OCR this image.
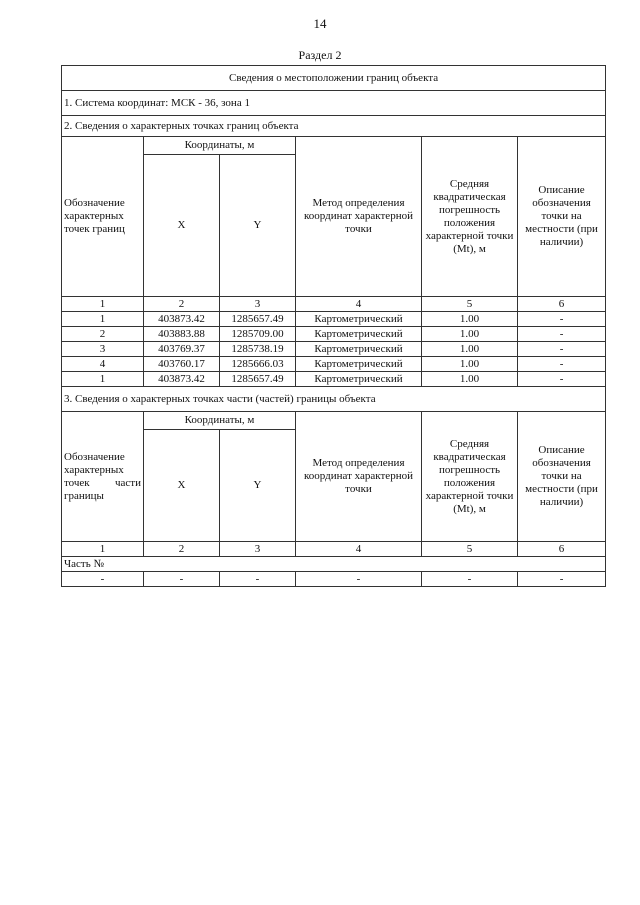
14
Раздел 2
Сведения о местоположении границ объекта					
1. Система координат: МСК - 36, зона 1					
2. Сведения о характерных точках границ объекта					
Обозначение характерных точек границ	Координаты, м		Метод определения координат характерной точки	Средняя квадратическая погрешность положения характерной точки (Mt), м	Описание обозначения точки на местности (при наличии)
	X	Y			
1	2	3	4	5	6
1	403873.42	1285657.49	Картометрический	1.00	-
2	403883.88	1285709.00	Картометрический	1.00	-
3	403769.37	1285738.19	Картометрический	1.00	-
4	403760.17	1285666.03	Картометрический	1.00	-
1	403873.42	1285657.49	Картометрический	1.00	-
3. Сведения о характерных точках части (частей) границы объекта					
Обозначение характерных точек части границы	Координаты, м		Метод определения координат характерной точки	Средняя квадратическая погрешность положения характерной точки (Mt), м	Описание обозначения точки на местности (при наличии)
	X	Y			
1	2	3	4	5	6
Часть №					
-	-	-	-	-	-
